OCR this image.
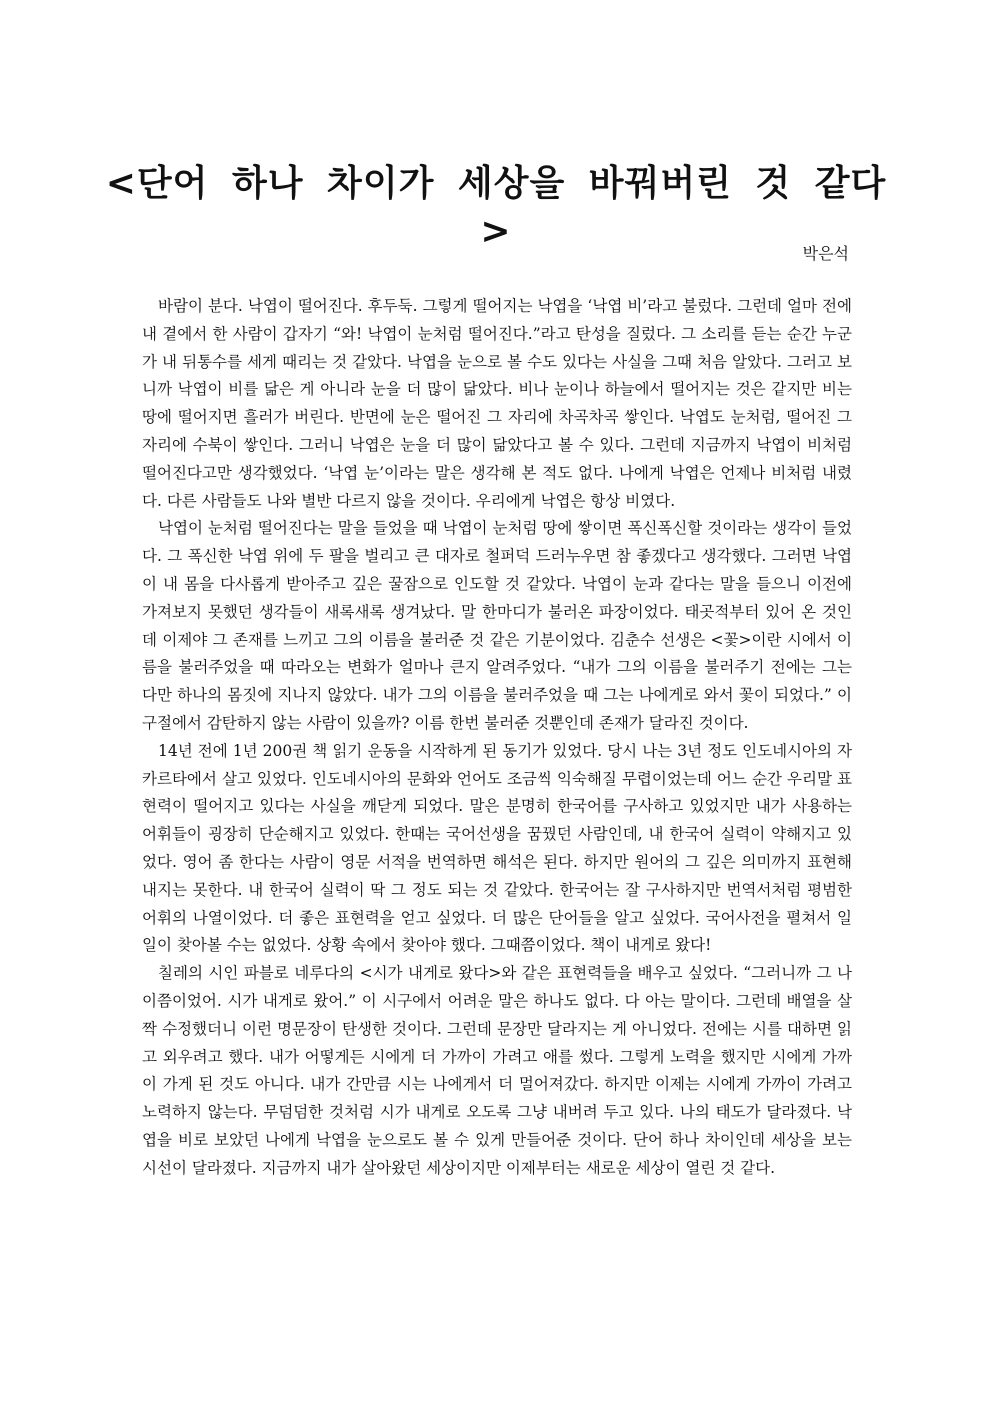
<단어 하나 차이가 세상을 바꿔버린 것 같다>
박은석

바람이 분다. 낙엽이 떨어진다. 후두둑. 그렇게 떨어지는 낙엽을 ‘낙엽 비’라고 불렀다. 그런데 얼마 전에 내 곁에서 한 사람이 갑자기 “와! 낙엽이 눈처럼 떨어진다.”라고 탄성을 질렀다. 그 소리를 듣는 순간 누군가 내 뒤통수를 세게 때리는 것 같았다. 낙엽을 눈으로 볼 수도 있다는 사실을 그때 처음 알았다. 그러고 보니까 낙엽이 비를 닮은 게 아니라 눈을 더 많이 닮았다. 비나 눈이나 하늘에서 떨어지는 것은 같지만 비는 땅에 떨어지면 흘러가 버린다. 반면에 눈은 떨어진 그 자리에 차곡차곡 쌓인다. 낙엽도 눈처럼, 떨어진 그 자리에 수북이 쌓인다. 그러니 낙엽은 눈을 더 많이 닮았다고 볼 수 있다. 그런데 지금까지 낙엽이 비처럼 떨어진다고만 생각했었다. ‘낙엽 눈’이라는 말은 생각해 본 적도 없다. 나에게 낙엽은 언제나 비처럼 내렸다. 다른 사람들도 나와 별반 다르지 않을 것이다. 우리에게 낙엽은 항상 비였다.

낙엽이 눈처럼 떨어진다는 말을 들었을 때 낙엽이 눈처럼 땅에 쌓이면 폭신폭신할 것이라는 생각이 들었다. 그 폭신한 낙엽 위에 두 팔을 벌리고 큰 대자로 철퍼덕 드러누우면 참 좋겠다고 생각했다. 그러면 낙엽이 내 몸을 다사롭게 받아주고 깊은 꿀잠으로 인도할 것 같았다. 낙엽이 눈과 같다는 말을 들으니 이전에 가져보지 못했던 생각들이 새록새록 생겨났다. 말 한마디가 불러온 파장이었다. 태곳적부터 있어 온 것인데 이제야 그 존재를 느끼고 그의 이름을 불러준 것 같은 기분이었다. 김춘수 선생은 <꽃>이란 시에서 이름을 불러주었을 때 따라오는 변화가 얼마나 큰지 알려주었다. “내가 그의 이름을 불러주기 전에는 그는 다만 하나의 몸짓에 지나지 않았다. 내가 그의 이름을 불러주었을 때 그는 나에게로 와서 꽃이 되었다.” 이 구절에서 감탄하지 않는 사람이 있을까? 이름 한번 불러준 것뿐인데 존재가 달라진 것이다.

14년 전에 1년 200권 책 읽기 운동을 시작하게 된 동기가 있었다. 당시 나는 3년 정도 인도네시아의 자카르타에서 살고 있었다. 인도네시아의 문화와 언어도 조금씩 익숙해질 무렵이었는데 어느 순간 우리말 표현력이 떨어지고 있다는 사실을 깨닫게 되었다. 말은 분명히 한국어를 구사하고 있었지만 내가 사용하는 어휘들이 굉장히 단순해지고 있었다. 한때는 국어선생을 꿈꿨던 사람인데, 내 한국어 실력이 약해지고 있었다. 영어 좀 한다는 사람이 영문 서적을 번역하면 해석은 된다. 하지만 원어의 그 깊은 의미까지 표현해내지는 못한다. 내 한국어 실력이 딱 그 정도 되는 것 같았다. 한국어는 잘 구사하지만 번역서처럼 평범한 어휘의 나열이었다. 더 좋은 표현력을 얻고 싶었다. 더 많은 단어들을 알고 싶었다. 국어사전을 펼쳐서 일일이 찾아볼 수는 없었다. 상황 속에서 찾아야 했다. 그때쯤이었다. 책이 내게로 왔다!

칠레의 시인 파블로 네루다의 <시가 내게로 왔다>와 같은 표현력들을 배우고 싶었다. “그러니까 그 나이쯤이었어. 시가 내게로 왔어.” 이 시구에서 어려운 말은 하나도 없다. 다 아는 말이다. 그런데 배열을 살짝 수정했더니 이런 명문장이 탄생한 것이다. 그런데 문장만 달라지는 게 아니었다. 전에는 시를 대하면 읽고 외우려고 했다. 내가 어떻게든 시에게 더 가까이 가려고 애를 썼다. 그렇게 노력을 했지만 시에게 가까이 가게 된 것도 아니다. 내가 간만큼 시는 나에게서 더 멀어져갔다. 하지만 이제는 시에게 가까이 가려고 노력하지 않는다. 무덤덤한 것처럼 시가 내게로 오도록 그냥 내버려 두고 있다. 나의 태도가 달라졌다. 낙엽을 비로 보았던 나에게 낙엽을 눈으로도 볼 수 있게 만들어준 것이다. 단어 하나 차이인데 세상을 보는 시선이 달라졌다. 지금까지 내가 살아왔던 세상이지만 이제부터는 새로운 세상이 열린 것 같다.
